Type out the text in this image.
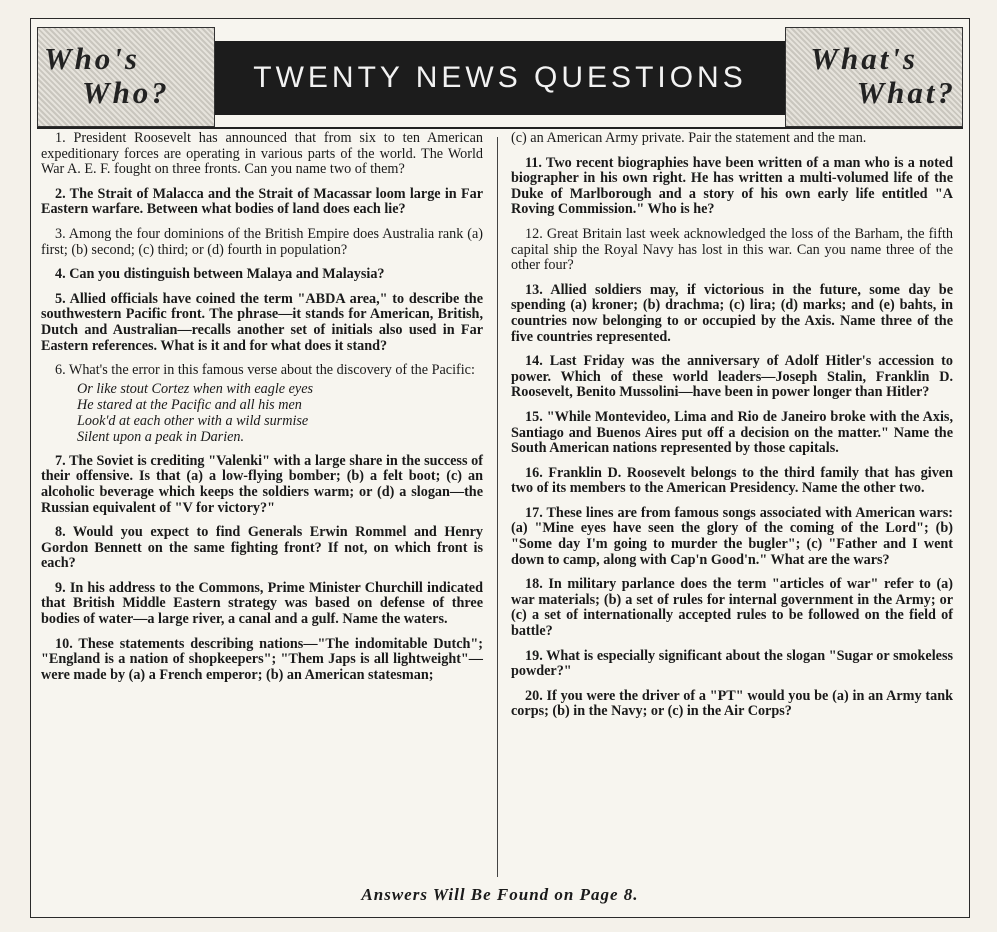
Who's
Who?	TWENTY NEWS QUESTIONS
What's
What?

1. President Roosevelt has announced that from six to ten American expeditionary forces are operating in various parts of the world. The World War A. E. F. fought on three fronts. Can you name two of them?

2. The Strait of Malacca and the Strait of Macassar loom large in Far Eastern warfare. Between what bodies of land does each lie?

3. Among the four dominions of the British Empire does Australia rank (a) first; (b) second; (c) third; or (d) fourth in population?

4. Can you distinguish between Malaya and Malaysia?

5. Allied officials have coined the term "ABDA area," to describe the southwestern Pacific front. The phrase—it stands for American, British, Dutch and Australian—recalls another set of initials also used in Far Eastern references. What is it and for what does it stand?

6. What's the error in this famous verse about the discovery of the Pacific:

Or like stout Cortez when with eagle eyes
He stared at the Pacific and all his men
Look'd at each other with a wild surmise
Silent upon a peak in Darien.

7. The Soviet is crediting "Valenki" with a large share in the success of their offensive. Is that (a) a low-flying bomber; (b) a felt boot; (c) an alcoholic beverage which keeps the soldiers warm; or (d) a slogan—the Russian equivalent of "V for victory?"

8. Would you expect to find Generals Erwin Rommel and Henry Gordon Bennett on the same fighting front? If not, on which front is each?

9. In his address to the Commons, Prime Minister Churchill indicated that British Middle Eastern strategy was based on defense of three bodies of water—a large river, a canal and a gulf. Name the waters.

10. These statements describing nations—"The indomitable Dutch"; "England is a nation of shopkeepers"; "Them Japs is all lightweight"—were made by (a) a French emperor; (b) an American statesman;

(c) an American Army private. Pair the statement and the man.

11. Two recent biographies have been written of a man who is a noted biographer in his own right. He has written a multi-volumed life of the Duke of Marlborough and a story of his own early life entitled "A Roving Commission." Who is he?

12. Great Britain last week acknowledged the loss of the Barham, the fifth capital ship the Royal Navy has lost in this war. Can you name three of the other four?

13. Allied soldiers may, if victorious in the future, some day be spending (a) kroner; (b) drachma; (c) lira; (d) marks; and (e) bahts, in countries now belonging to or occupied by the Axis. Name three of the five countries represented.

14. Last Friday was the anniversary of Adolf Hitler's accession to power. Which of these world leaders—Joseph Stalin, Franklin D. Roosevelt, Benito Mussolini—have been in power longer than Hitler?

15. "While Montevideo, Lima and Rio de Janeiro broke with the Axis, Santiago and Buenos Aires put off a decision on the matter." Name the South American nations represented by those capitals.

16. Franklin D. Roosevelt belongs to the third family that has given two of its members to the American Presidency. Name the other two.

17. These lines are from famous songs associated with American wars: (a) "Mine eyes have seen the glory of the coming of the Lord"; (b) "Some day I'm going to murder the bugler"; (c) "Father and I went down to camp, along with Cap'n Good'n." What are the wars?

18. In military parlance does the term "articles of war" refer to (a) war materials; (b) a set of rules for internal government in the Army; or (c) a set of internationally accepted rules to be followed on the field of battle?

19. What is especially significant about the slogan "Sugar or smokeless powder?"

20. If you were the driver of a "PT" would you be (a) in an Army tank corps; (b) in the Navy; or (c) in the Air Corps?

Answers Will Be Found on Page 8.
